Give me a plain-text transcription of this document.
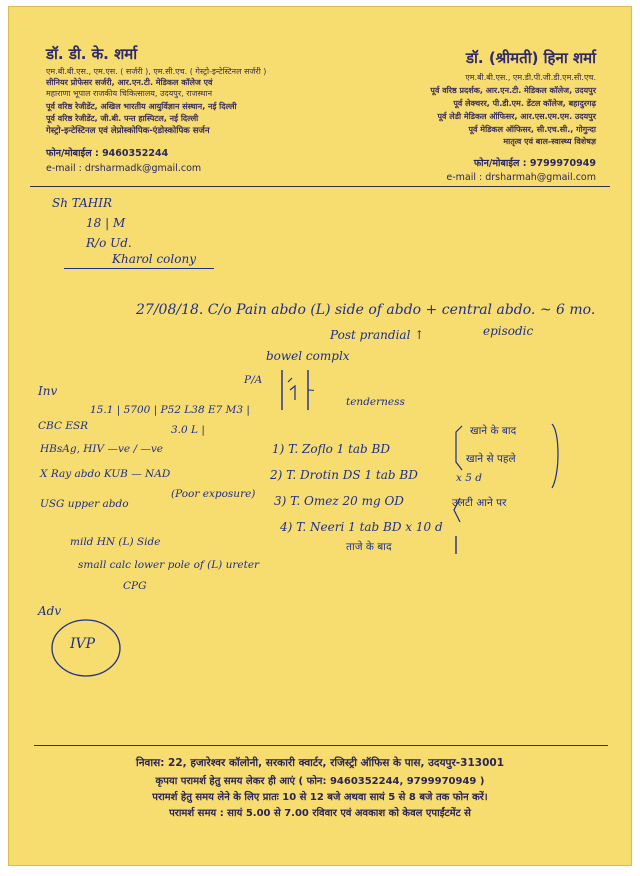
डॉ. डी. के. शर्मा
एम.बी.बी.एस., एम.एस. ( सर्जरी ), एम.सी.एच. ( गेस्ट्रो-इन्टेस्टिनल सर्जरी )
सीनियर प्रोफेसर सर्जरी, आर.एन.टी. मेडिकल कॉलेज एवं
महाराणा भूपाल राजकीय चिकित्सालय, उदयपुर, राजस्थान
पूर्व वरिष्ठ रेजीडेंट, अखिल भारतीय आयुर्विज्ञान संस्थान, नई दिल्ली
पूर्व वरिष्ठ रेजीडेंट, जी.बी. पन्त हास्पिटल, नई दिल्ली
गेस्ट्रो-इन्टेस्टिनल एवं लेप्रोस्कोपिक-एंडोस्कोपिक सर्जन
फोन/मोबाईल : 9460352244
e-mail : drsharmadk@gmail.com
डॉ. (श्रीमती) हिना शर्मा
एम.बी.बी.एस., एम.डी.पी.जी.डी.एम.सी.एच.
पूर्व वरिष्ठ प्रदर्शक, आर.एन.टी. मेडिकल कॉलेज, उदयपुर
पूर्व लेक्चरर, पी.डी.एम. डेंटल कॉलेज, बहादुरगढ़
पूर्व लेडी मेडिकल ऑफिसर, आर.एस.एम.एम. उदयपुर
पूर्व मेडिकल ऑफिसर, सी.एच.सी., गोगुन्दा
मातृत्व एवं बाल-स्वास्थ्य विशेषज्ञ
फोन/मोबाईल : 9799970949
e-mail : drsharmah@gmail.com
Sh TAHIR
18 | M
R/o Ud.
Kharol colony
27/08/18. C/o Pain abdo (L) side of abdo + central abdo. ~ 6 mo.
Post prandial ↑	episodic
bowel complx
Inv
15.1 | 5700 | P52 L38 E7 M3 |
CBC ESR	3.0 L |
HBsAg, HIV —ve / —ve
X Ray abdo KUB — NAD
(Poor exposure)
USG upper abdo
mild HN (L) Side
small calc lower pole of (L) ureter
CPG
P/A
tenderness
1) T. Zoflo 1 tab BD
2) T. Drotin DS 1 tab BD
3) T. Omez 20 mg OD
4) T. Neeri 1 tab BD x 10 d
खाने के बाद
खाने से पहले
x 5 d
उलटी आने पर
ताजे के बाद
Adv
IVP
निवास: 22, हजारेश्वर कॉलोनी, सरकारी क्वार्टर, रजिस्ट्री ऑफिस के पास, उदयपुर-313001
कृपया परामर्श हेतु समय लेकर ही आएं ( फोन: 9460352244, 9799970949 )
परामर्श हेतु समय लेने के लिए प्रातः 10 से 12 बजे अथवा सायं 5 से 8 बजे तक फोन करें।
परामर्श समय : सायं 5.00 से 7.00 रविवार एवं अवकाश को केवल एपाईंटमेंट से
